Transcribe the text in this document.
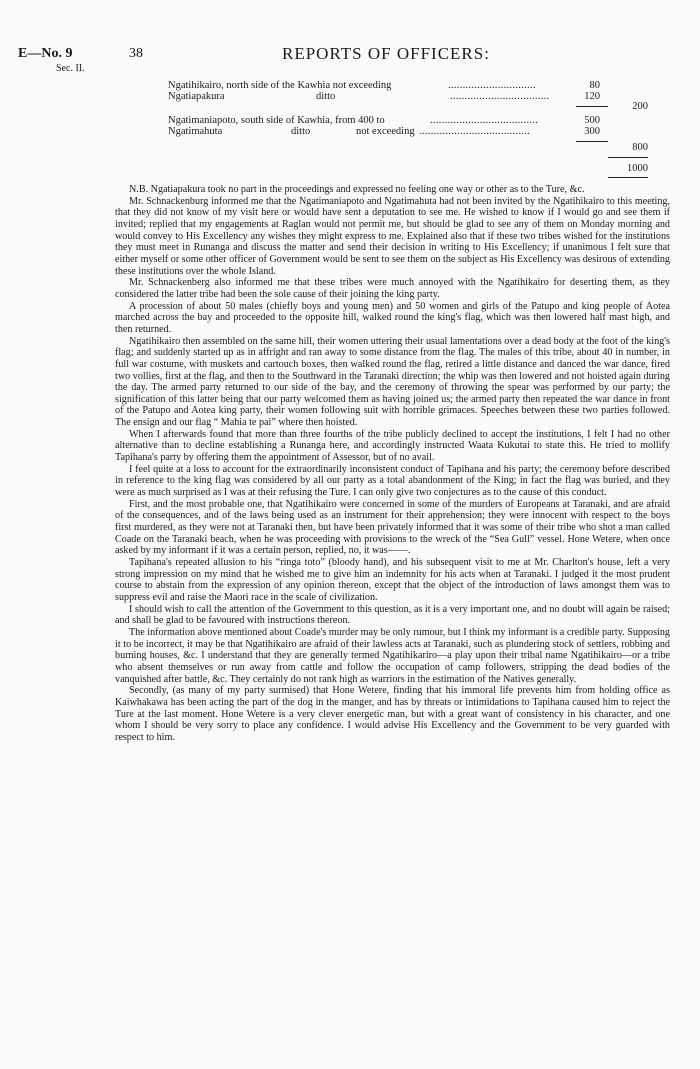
E—No. 9
Sec. II.
38	REPORTS OF OFFICERS:
Ngatihikairo, north side of the Kawhia not exceeding	..............................	80
Ngatiapakura	ditto	..................................	120
200
Ngatimaniapoto, south side of Kawhia, from 400 to	.....................................	500
Ngatimahuta	ditto	not exceeding ......................................	300
800
1000

N.B. Ngatiapakura took no part in the proceedings and expressed no feeling one way or other as to the Ture, &c.

Mr. Schnackenburg informed me that the Ngatimaniapoto and Ngatimahuta had not been invited by the Ngatihikairo to this meeting, that they did not know of my visit here or would have sent a deputation to see me. He wished to know if I would go and see them if invited; replied that my engagements at Raglan would not permit me, but should be glad to see any of them on Monday morning and would convey to His Excellency any wishes they might express to me. Explained also that if these two tribes wished for the institutions they must meet in Runanga and discuss the matter and send their decision in writing to His Excellency; if unanimous I felt sure that either myself or some other officer of Government would be sent to see them on the subject as His Excellency was desirous of extending these institutions over the whole Island.

Mr. Schnackenberg also informed me that these tribes were much annoyed with the Ngatihikairo for deserting them, as they considered the latter tribe had been the sole cause of their joining the king party.

A procession of about 50 males (chiefly boys and young men) and 50 women and girls of the Patupo and king people of Aotea marched across the bay and proceeded to the opposite hill, walked round the king's flag, which was then lowered half mast high, and then returned.

Ngatihikairo then assembled on the same hill, their women uttering their usual lamentations over a dead body at the foot of the king's flag; and suddenly started up as in affright and ran away to some distance from the flag. The males of this tribe, about 40 in number, in full war costume, with muskets and cartouch boxes, then walked round the flag, retired a little distance and danced the war dance, fired two vollies, first at the flag, and then to the Southward in the Taranaki direction; the whip was then lowered and not hoisted again during the day. The armed party returned to our side of the bay, and the ceremony of throwing the spear was performed by our party; the signification of this latter being that our party welcomed them as having joined us; the armed party then repeated the war dance in front of the Patupo and Aotea king party, their women following suit with horrible grimaces. Speeches between these two parties followed. The ensign and our flag “ Mahia te pai” where then hoisted.

When I afterwards found that more than three fourths of the tribe publicly declined to accept the institutions, I felt I had no other alternative than to decline establishing a Runanga here, and accordingly instructed Waata Kukutai to state this. He tried to mollify Tapihana's party by offering them the appointment of Assessor, but of no avail.

I feel quite at a loss to account for the extraordinarily inconsistent conduct of Tapihana and his party; the ceremony before described in reference to the king flag was considered by all our party as a total abandonment of the King; in fact the flag was buried, and they were as much surprised as I was at their refusing the Ture. I can only give two conjectures as to the cause of this conduct.

First, and the most probable one, that Ngatihikairo were concerned in some of the murders of Europeans at Taranaki, and are afraid of the consequences, and of the laws being used as an instrument for their apprehension; they were innocent with respect to the boys first murdered, as they were not at Taranaki then, but have been privately informed that it was some of their tribe who shot a man called Coade on the Taranaki beach, when he was proceeding with provisions to the wreck of the “Sea Gull” vessel. Hone Wetere, when once asked by my informant if it was a certain person, replied, no, it was——.

Tapihana's repeated allusion to his “ringa toto” (bloody hand), and his subsequent visit to me at Mr. Charlton's house, left a very strong impression on my mind that he wished me to give him an indemnity for his acts when at Taranaki. I judged it the most prudent course to abstain from the expression of any opinion thereon, except that the object of the introduction of laws amongst them was to suppress evil and raise the Maori race in the scale of civilization.

I should wish to call the attention of the Government to this question, as it is a very important one, and no doubt will again be raised; and shall be glad to be favoured with instructions thereon.

The information above mentioned about Coade's murder may be only rumour, but I think my informant is a credible party. Supposing it to be incorrect, it may be that Ngatihikairo are afraid of their lawless acts at Taranaki, such as plundering stock of settlers, robbing and burning houses, &c. I understand that they are generally termed Ngatihikariro—a play upon their tribal name Ngatihikairo—or a tribe who absent themselves or run away from cattle and follow the occupation of camp followers, stripping the dead bodies of the vanquished after battle, &c. They certainly do not rank high as warriors in the estimation of the Natives generally.

Secondly, (as many of my party surmised) that Hone Wetere, finding that his immoral life prevents him from holding office as Kaiwhakawa has been acting the part of the dog in the manger, and has by threats or intimidations to Tapihana caused him to reject the Ture at the last moment. Hone Wetere is a very clever energetic man, but with a great want of consistency in his character, and one whom I should be very sorry to place any confidence. I would advise His Excellency and the Government to be very guarded with respect to him.
